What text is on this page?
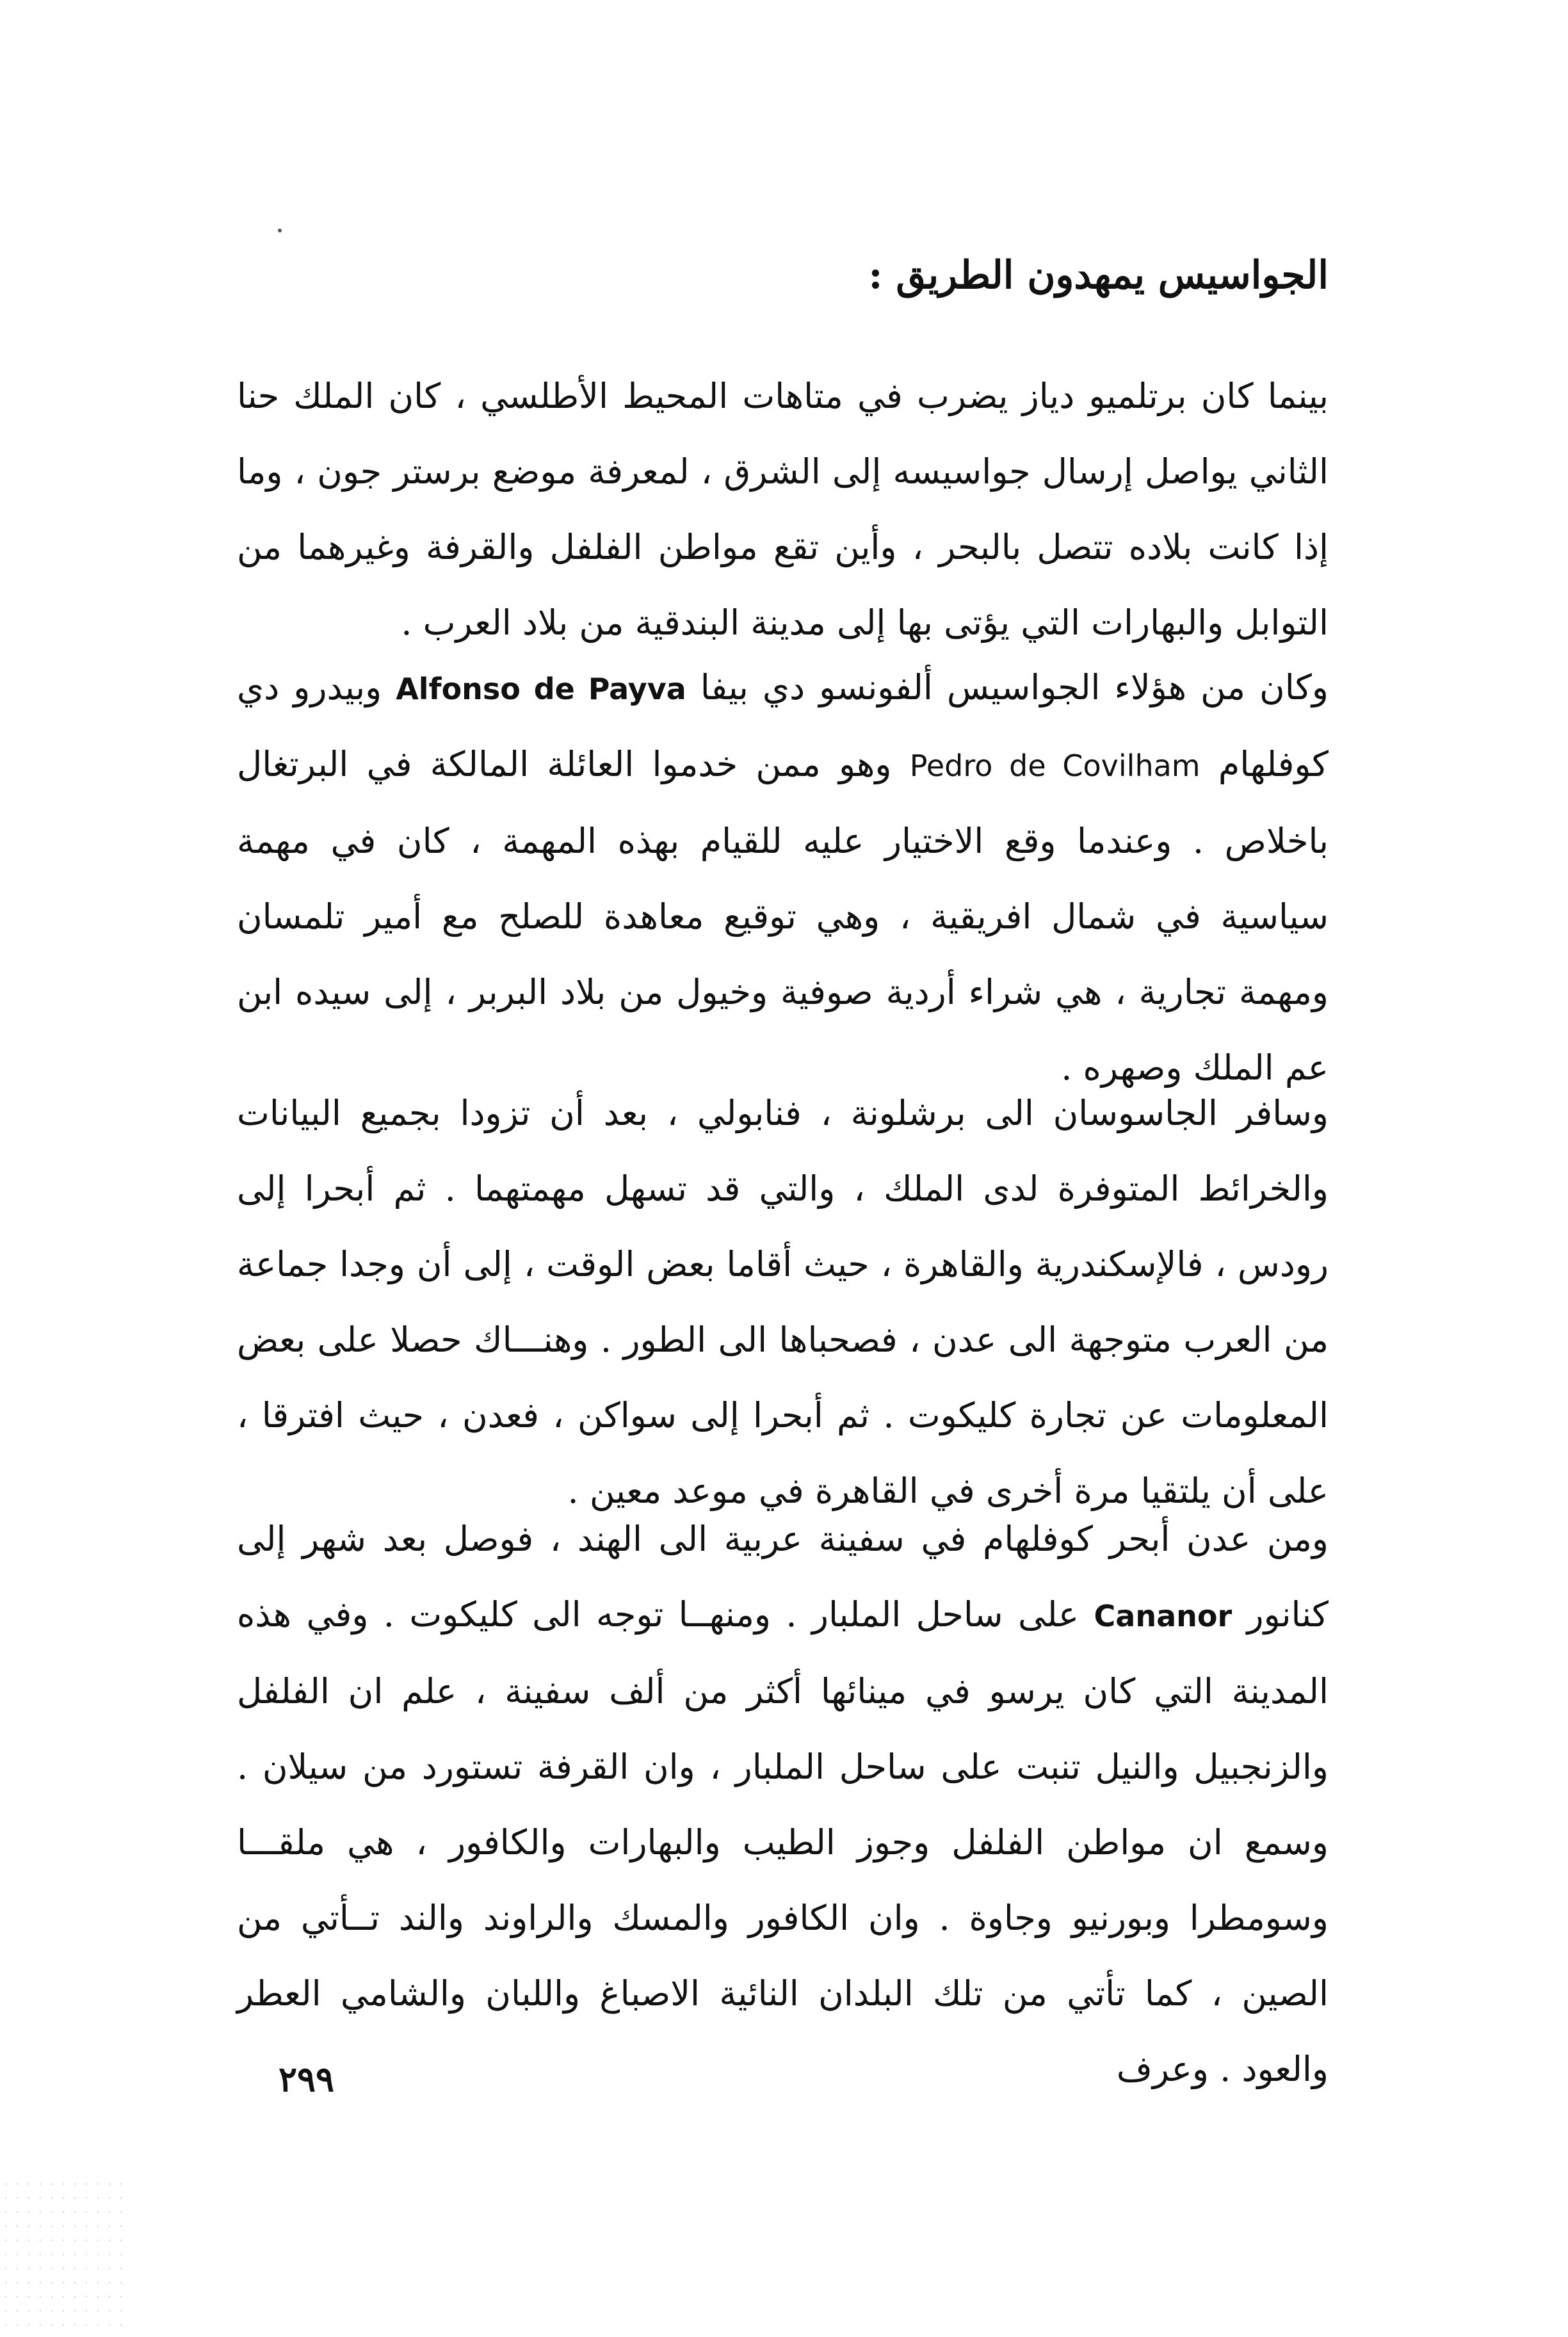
الجواسيس يمهدون الطريق :

بينما كان برتلميو دياز يضرب في متاهات المحيط الأطلسي ، كان الملك حنا الثاني يواصل إرسال جواسيسه إلى الشرق ، لمعرفة موضع برستر جون ، وما إذا كانت بلاده تتصل بالبحر ، وأين تقع مواطن الفلفل والقرفة وغيرهما من التوابل والبهارات التي يؤتى بها إلى مدينة البندقية من بلاد العرب .

وكان من هؤلاء الجواسيس ألفونسو دي بيفا Alfonso de Payva وبيدرو دي كوفلهام Pedro de Covilham وهو ممن خدموا العائلة المالكة في البرتغال باخلاص . وعندما وقع الاختيار عليه للقيام بهذه المهمة ، كان في مهمة سياسية في شمال افريقية ، وهي توقيع معاهدة للصلح مع أمير تلمسان ومهمة تجارية ، هي شراء أردية صوفية وخيول من بلاد البربر ، إلى سيده ابن عم الملك وصهره .

وسافر الجاسوسان الى برشلونة ، فنابولي ، بعد أن تزودا بجميع البيانات والخرائط المتوفرة لدى الملك ، والتي قد تسهل مهمتهما . ثم أبحرا إلى رودس ، فالإسكندرية والقاهرة ، حيث أقاما بعض الوقت ، إلى أن وجدا جماعة من العرب متوجهة الى عدن ، فصحباها الى الطور . وهنـــاك حصلا على بعض المعلومات عن تجارة كليكوت . ثم أبحرا إلى سواكن ، فعدن ، حيث افترقا ، على أن يلتقيا مرة أخرى في القاهرة في موعد معين .

ومن عدن أبحر كوفلهام في سفينة عربية الى الهند ، فوصل بعد شهر إلى كنانور Cananor على ساحل الملبار . ومنهــا توجه الى كليكوت . وفي هذه المدينة التي كان يرسو في مينائها أكثر من ألف سفينة ، علم ان الفلفل والزنجبيل والنيل تنبت على ساحل الملبار ، وان القرفة تستورد من سيلان . وسمع ان مواطن الفلفل وجوز الطيب والبهارات والكافور ، هي ملقـــا وسومطرا وبورنيو وجاوة . وان الكافور والمسك والراوند والند تــأتي من الصين ، كما تأتي من تلك البلدان النائية الاصباغ واللبان والشامي العطر والعود . وعرف

٢٩٩
